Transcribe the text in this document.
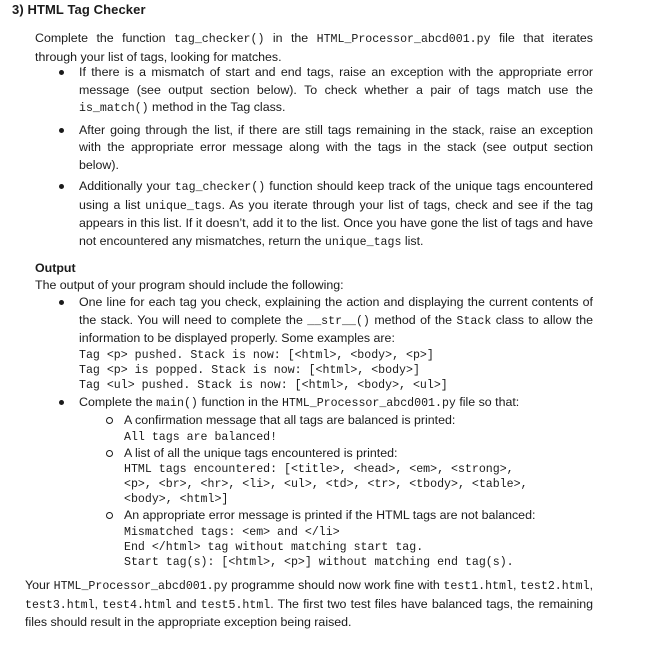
3) HTML Tag Checker
Complete the function tag_checker() in the HTML_Processor_abcd001.py file that iterates through your list of tags, looking for matches.
If there is a mismatch of start and end tags, raise an exception with the appropriate error message (see output section below). To check whether a pair of tags match use the is_match() method in the Tag class.
After going through the list, if there are still tags remaining in the stack, raise an exception with the appropriate error message along with the tags in the stack (see output section below).
Additionally your tag_checker() function should keep track of the unique tags encountered using a list unique_tags. As you iterate through your list of tags, check and see if the tag appears in this list. If it doesn’t, add it to the list. Once you have gone the list of tags and have not encountered any mismatches, return the unique_tags list.
Output
The output of your program should include the following:
One line for each tag you check, explaining the action and displaying the current contents of the stack. You will need to complete the __str__() method of the Stack class to allow the information to be displayed properly. Some examples are:
Tag <p> pushed. Stack is now: [<html>, <body>, <p>]
Tag <p> is popped. Stack is now: [<html>, <body>]
Tag <ul> pushed. Stack is now: [<html>, <body>, <ul>]
Complete the main() function in the HTML_Processor_abcd001.py file so that:
A confirmation message that all tags are balanced is printed:
All tags are balanced!
A list of all the unique tags encountered is printed:
HTML tags encountered: [<title>, <head>, <em>, <strong>,
<p>, <br>, <hr>, <li>, <ul>, <td>, <tr>, <tbody>, <table>,
<body>, <html>]
An appropriate error message is printed if the HTML tags are not balanced:
Mismatched tags: <em> and </li>
End </html> tag without matching start tag.
Start tag(s): [<html>, <p>] without matching end tag(s).
Your HTML_Processor_abcd001.py programme should now work fine with test1.html, test2.html, test3.html, test4.html and test5.html. The first two test files have balanced tags, the remaining files should result in the appropriate exception being raised.
